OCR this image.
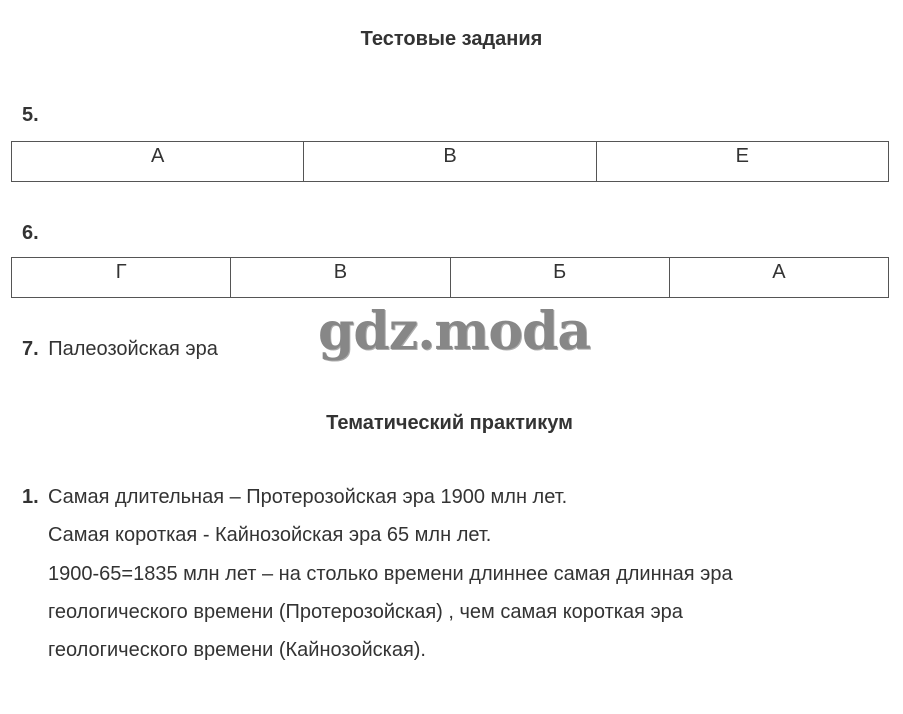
Тестовые задания
5.
А	В	Е
6.
Г	В	Б	А
7. Палеозойская эра gdz.moda
Тематический практикум
1. Самая длительная – Протерозойская эра 1900 млн лет.
Самая короткая - Кайнозойская эра 65 млн лет.
1900-65=1835 млн лет – на столько времени длиннее самая длинная эра
геологического времени (Протерозойская) , чем самая короткая эра
геологического времени (Кайнозойская).
